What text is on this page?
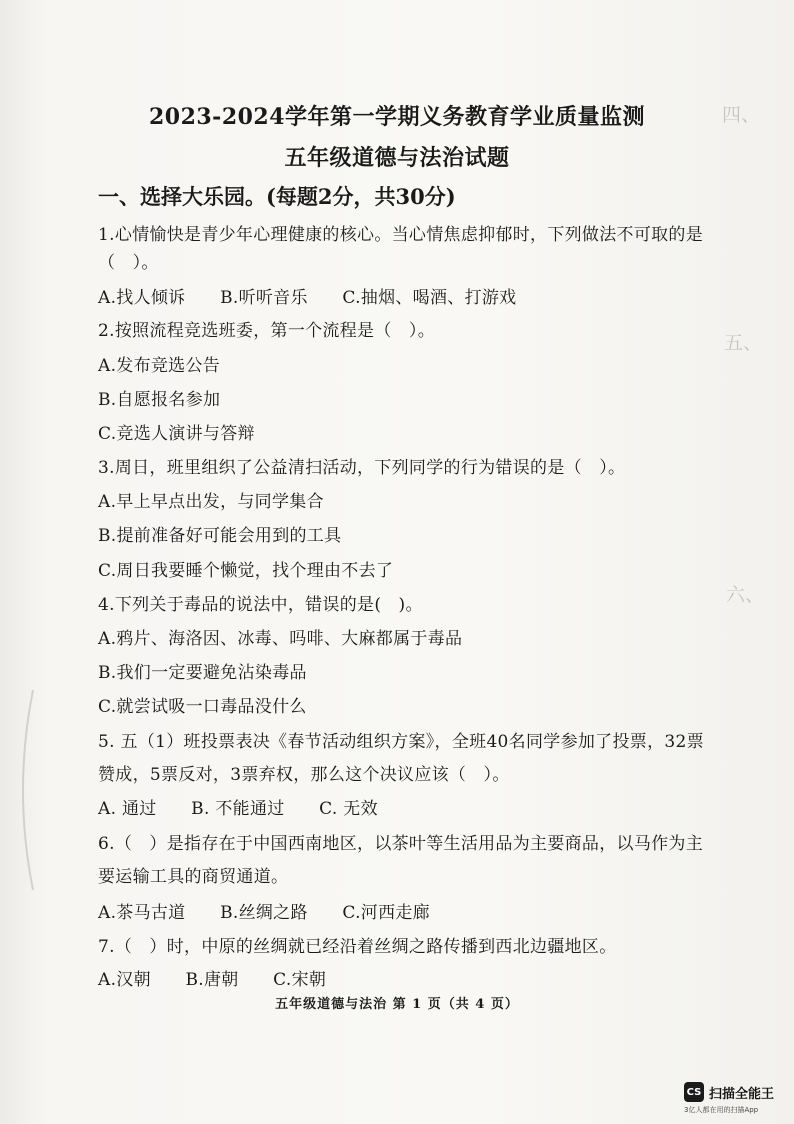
四、
五、
六、
2023-2024学年第一学期义务教育学业质量监测
五年级道德与法治试题
一、选择大乐园。(每题2分，共30分)
1.心情愉快是青少年心理健康的核心。当心情焦虑抑郁时，下列做法不可取的是
（　）。
A.找人倾诉　　B.听听音乐　　C.抽烟、喝酒、打游戏
2.按照流程竞选班委，第一个流程是（　）。
A.发布竞选公告
B.自愿报名参加
C.竞选人演讲与答辩
3.周日，班里组织了公益清扫活动，下列同学的行为错误的是（　）。
A.早上早点出发，与同学集合
B.提前准备好可能会用到的工具
C.周日我要睡个懒觉，找个理由不去了
4.下列关于毒品的说法中，错误的是(　)。
A.鸦片、海洛因、冰毒、吗啡、大麻都属于毒品
B.我们一定要避免沾染毒品
C.就尝试吸一口毒品没什么
5. 五（1）班投票表决《春节活动组织方案》，全班40名同学参加了投票，32票
赞成，5票反对，3票弃权，那么这个决议应该（　）。
A. 通过　　B. 不能通过　　C. 无效
6.（　）是指存在于中国西南地区，以茶叶等生活用品为主要商品，以马作为主
要运输工具的商贸通道。
A.茶马古道　　B.丝绸之路　　C.河西走廊
7.（　）时，中原的丝绸就已经沿着丝绸之路传播到西北边疆地区。
A.汉朝　　B.唐朝　　C.宋朝
五年级道德与法治 第 1 页（共 4 页）
CS 扫描全能王
3亿人都在用的扫描App
